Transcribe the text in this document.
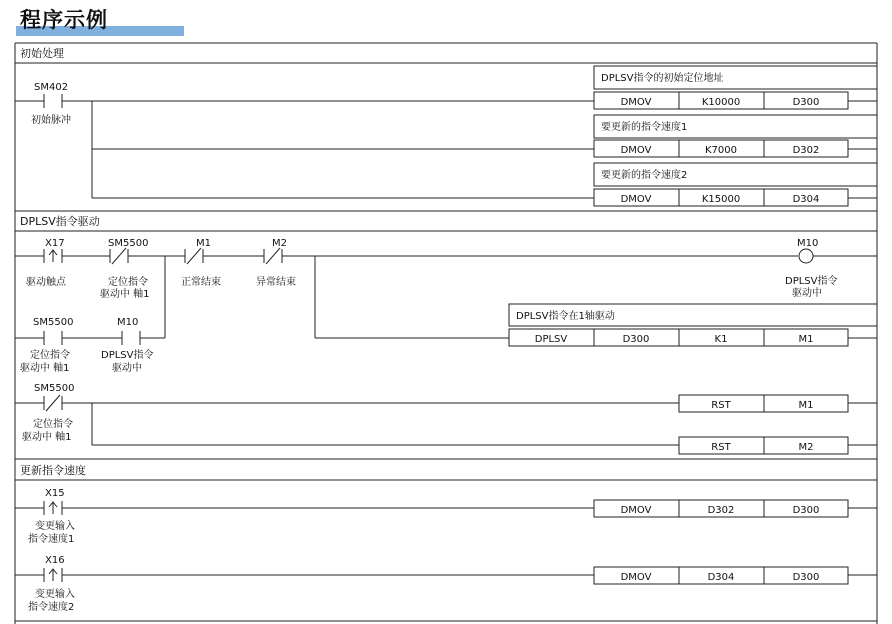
程序示例
初始处理
SM402
初始脉冲
DPLSV指令的初始定位地址
要更新的指令速度1
要更新的指令速度2
DMOV	K10000	D300
DMOV	K7000	D302
DMOV	K15000	D304
DPLSV指令驱动
X17
驱动触点
SM5500
定位指令
驱动中 軸1
M1
正常结束
M2
异常结束
M10
DPLSV指令
驱动中
SM5500
定位指令
驱动中 軸1
M10
DPLSV指令
驱动中
DPLSV指令在1轴驱动
DPLSV	D300	K1	M1
SM5500
定位指令
驱动中 軸1
RST	M1
RST	M2
更新指令速度
X15
变更输入
指令速度1
DMOV	D302	D300
X16
变更输入
指令速度2
DMOV	D304	D300
